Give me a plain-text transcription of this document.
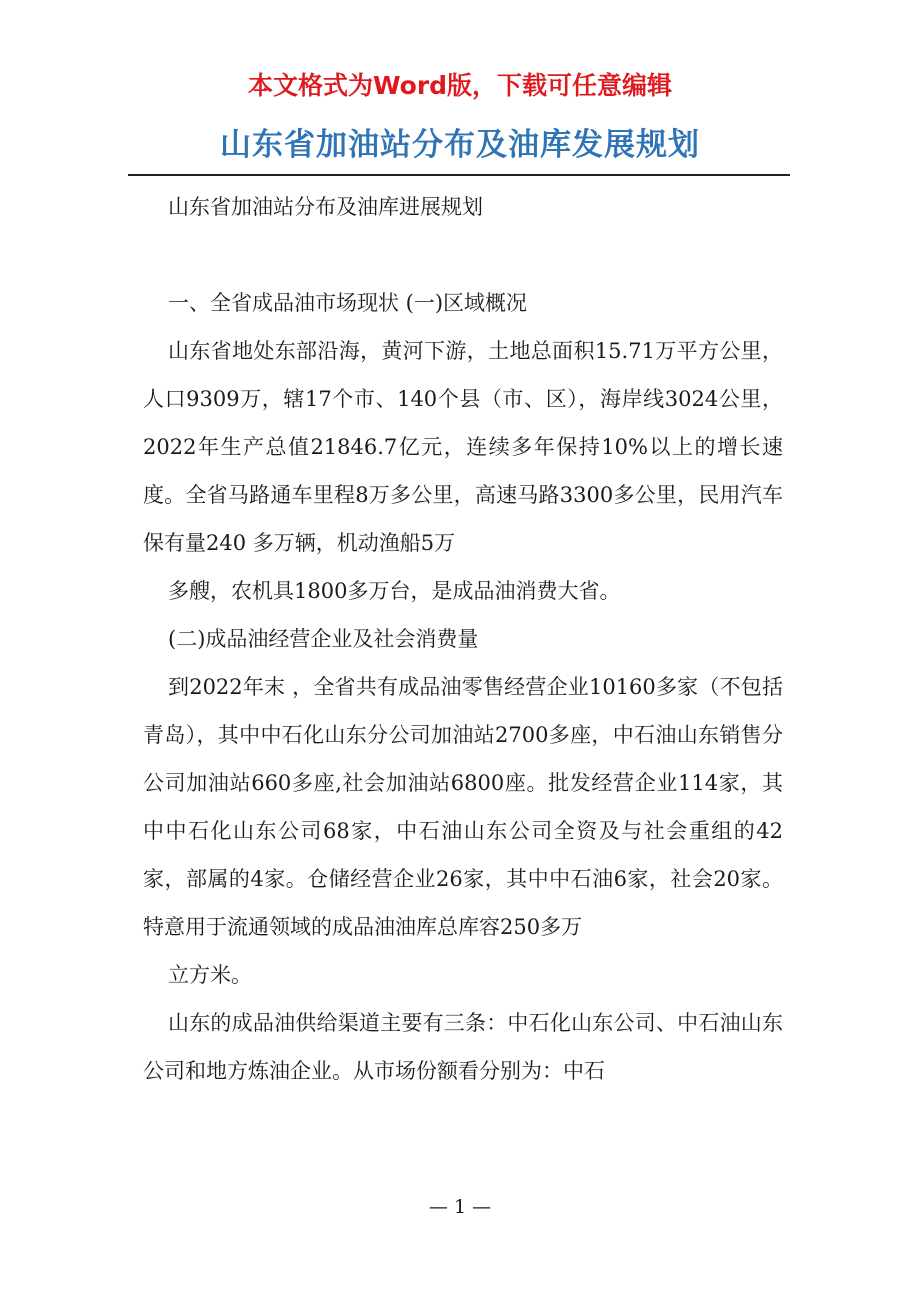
本文格式为Word版，下载可任意编辑
山东省加油站分布及油库发展规划

山东省加油站分布及油库进展规划

一、全省成品油市场现状 (一)区域概况

山东省地处东部沿海，黄河下游，土地总面积15.71万平方公里，人口9309万，辖17个市、140个县（市、区），海岸线3024公里，2022年生产总值21846.7亿元，连续多年保持10%以上的增长速度。全省马路通车里程8万多公里，高速马路3300多公里，民用汽车保有量240 多万辆，机动渔船5万

多艘，农机具1800多万台，是成品油消费大省。

(二)成品油经营企业及社会消费量

到2022年末 ，全省共有成品油零售经营企业10160多家（不包括青岛），其中中石化山东分公司加油站2700多座，中石油山东销售分公司加油站660多座,社会加油站6800座。批发经营企业114家，其中中石化山东公司68家，中石油山东公司全资及与社会重组的42家，部属的4家。仓储经营企业26家，其中中石油6家，社会20家。特意用于流通领域的成品油油库总库容250多万

立方米。

山东的成品油供给渠道主要有三条：中石化山东公司、中石油山东公司和地方炼油企业。从市场份额看分别为：中石

— 1 —
